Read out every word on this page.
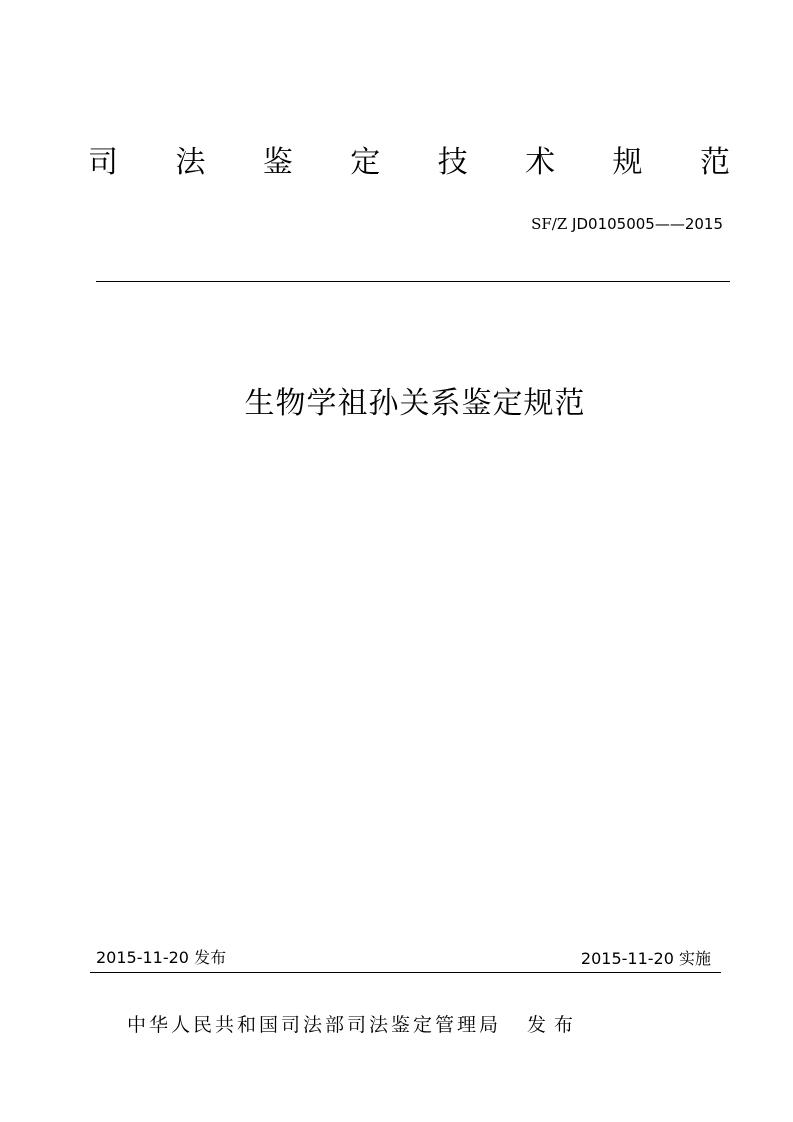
司 法 鉴 定 技 术 规 范
SF/Z JD0105005——2015
生物学祖孙关系鉴定规范
2015-11-20 发布	2015-11-20 实施
中华人民共和国司法部司法鉴定管理局 发布
